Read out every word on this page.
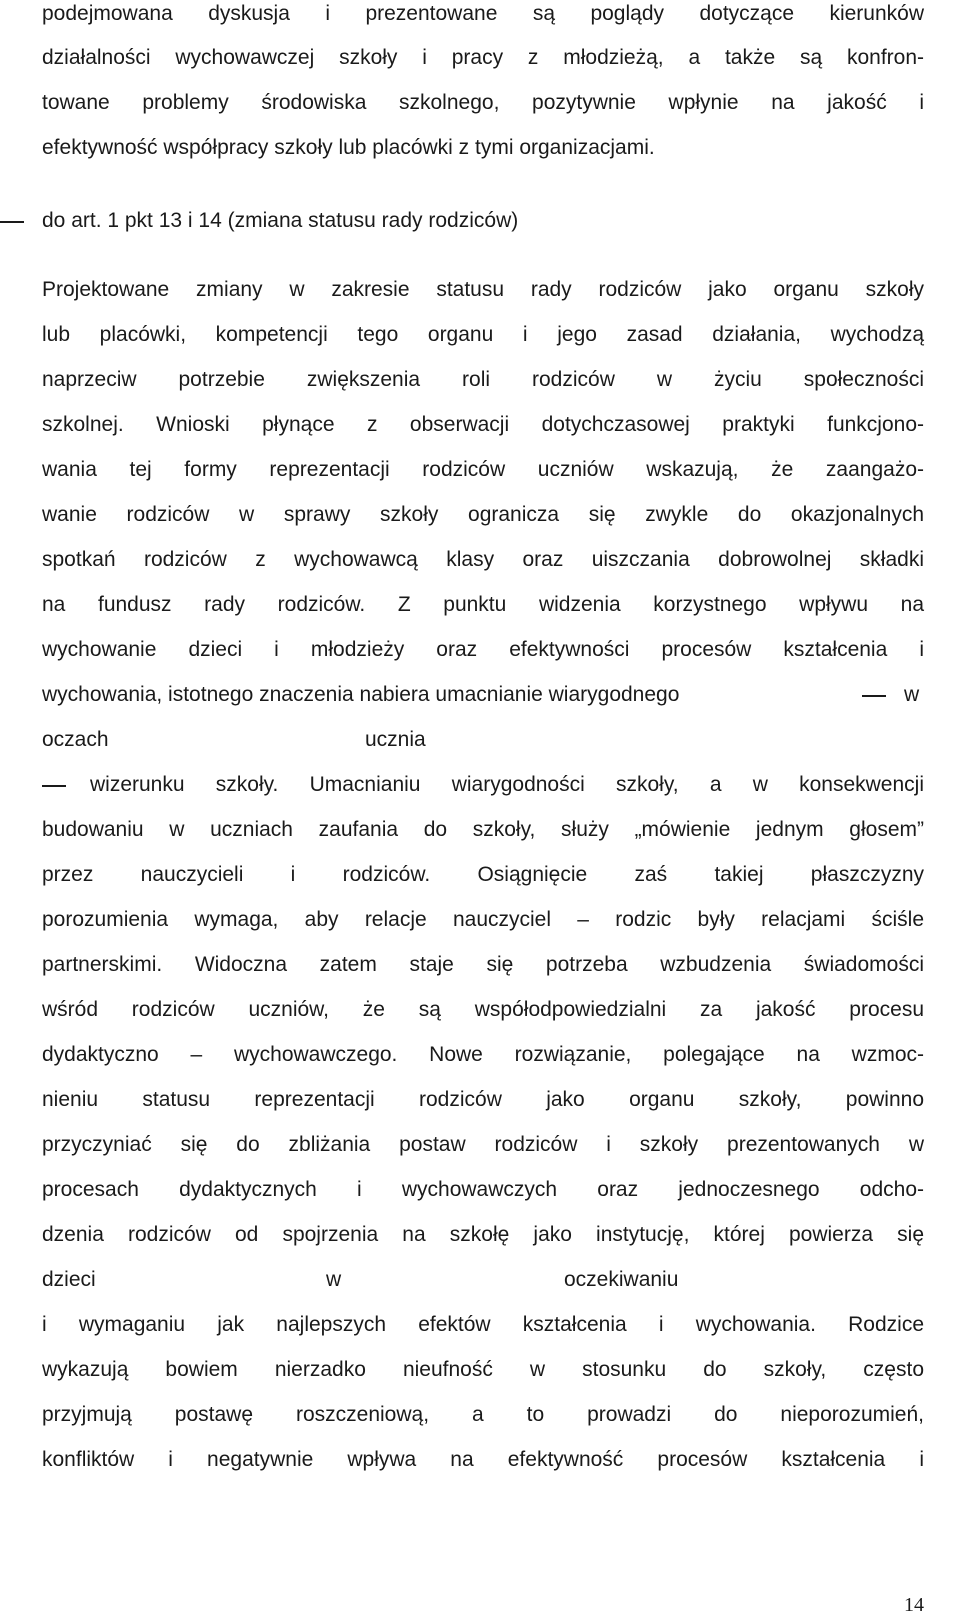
podejmowana dyskusja i prezentowane są poglądy dotyczące kierunków
działalności wychowawczej szkoły i pracy z młodzieżą, a także są konfron-
towane problemy środowiska szkolnego, pozytywnie wpłynie na jakość i
efektywność współpracy szkoły lub placówki z tymi organizacjami.
do art. 1 pkt 13 i 14 (zmiana statusu rady rodziców)
Projektowane zmiany w zakresie statusu rady rodziców jako organu szkoły
lub placówki, kompetencji tego organu i jego zasad działania, wychodzą
naprzeciw potrzebie zwiększenia roli rodziców w życiu społeczności
szkolnej. Wnioski płynące z obserwacji dotychczasowej praktyki funkcjono-
wania tej formy reprezentacji rodziców uczniów wskazują, że zaangażo-
wanie rodziców w sprawy szkoły ogranicza się zwykle do okazjonalnych
spotkań rodziców z wychowawcą klasy oraz uiszczania dobrowolnej składki
na fundusz rady rodziców. Z punktu widzenia korzystnego wpływu na
wychowanie dzieci i młodzieży oraz efektywności procesów kształcenia i
wychowania, istotnego znaczenia nabiera umacnianie wiarygodnego	w
oczach	ucznia
wizerunku szkoły. Umacnianiu wiarygodności szkoły, a w konsekwencji
budowaniu w uczniach zaufania do szkoły, służy „mówienie jednym głosem”
przez nauczycieli i rodziców. Osiągnięcie zaś takiej płaszczyzny
porozumienia wymaga, aby relacje nauczyciel – rodzic były relacjami ściśle
partnerskimi. Widoczna zatem staje się potrzeba wzbudzenia świadomości
wśród rodziców uczniów, że są współodpowiedzialni za jakość procesu
dydaktyczno – wychowawczego. Nowe rozwiązanie, polegające na wzmoc-
nieniu statusu reprezentacji rodziców jako organu szkoły, powinno
przyczyniać się do zbliżania postaw rodziców i szkoły prezentowanych w
procesach dydaktycznych i wychowawczych oraz jednoczesnego odcho-
dzenia rodziców od spojrzenia na szkołę jako instytucję, której powierza się
dzieci	w	oczekiwaniu
i wymaganiu jak najlepszych efektów kształcenia i wychowania. Rodzice
wykazują bowiem nierzadko nieufność w stosunku do szkoły, często
przyjmują postawę roszczeniową, a to prowadzi do nieporozumień,
konfliktów i negatywnie wpływa na efektywność procesów kształcenia i
14
